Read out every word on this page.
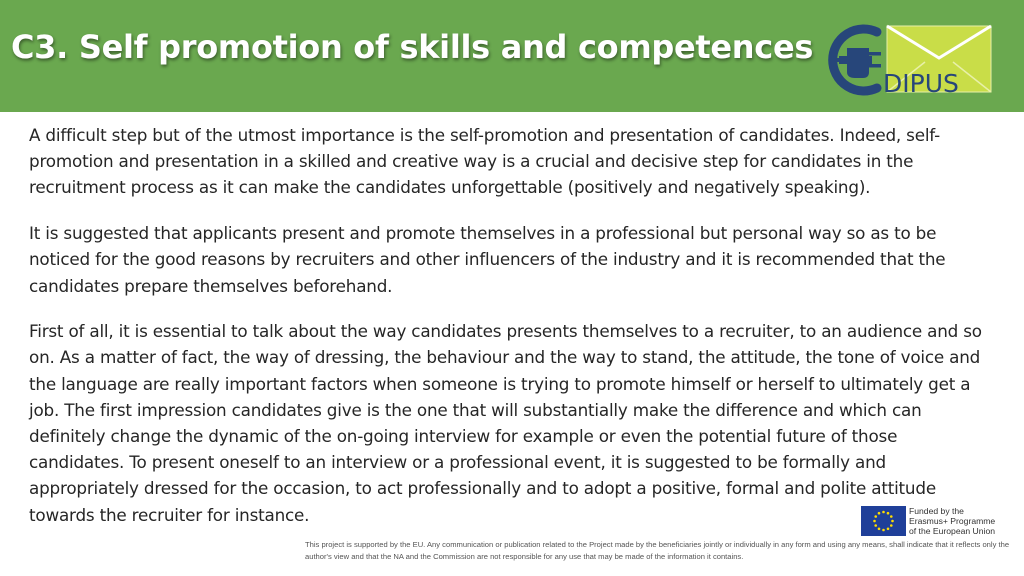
C3. Self promotion of skills and competences
DIPUS

A difficult step but of the utmost importance is the self-promotion and presentation of candidates. Indeed, self-promotion and presentation in a skilled and creative way is a crucial and decisive step for candidates in the recruitment process as it can make the candidates unforgettable (positively and negatively speaking).

It is suggested that applicants present and promote themselves in a professional but personal way so as to be noticed for the good reasons by recruiters and other influencers of the industry and it is recommended that the candidates prepare themselves beforehand.

First of all, it is essential to talk about the way candidates presents themselves to a recruiter, to an audience and so on. As a matter of fact, the way of dressing, the behaviour and the way to stand, the attitude, the tone of voice and the language are really important factors when someone is trying to promote himself or herself to ultimately get a job. The first impression candidates give is the one that will substantially make the difference and which can definitely change the dynamic of the on-going interview for example or even the potential future of those candidates. To present oneself to an interview or a professional event, it is suggested to be formally and appropriately dressed for the occasion, to act professionally and to adopt a positive, formal and polite attitude towards the recruiter for instance.	Funded by the
Erasmus+ Programme
of the European Union
This project is supported by the EU. Any communication or publication related to the Project made by the beneficiaries jointly or individually in any form and using any means, shall indicate that it reflects only the author's view and that the NA and the Commission are not responsible for any use that may be made of the information it contains.
